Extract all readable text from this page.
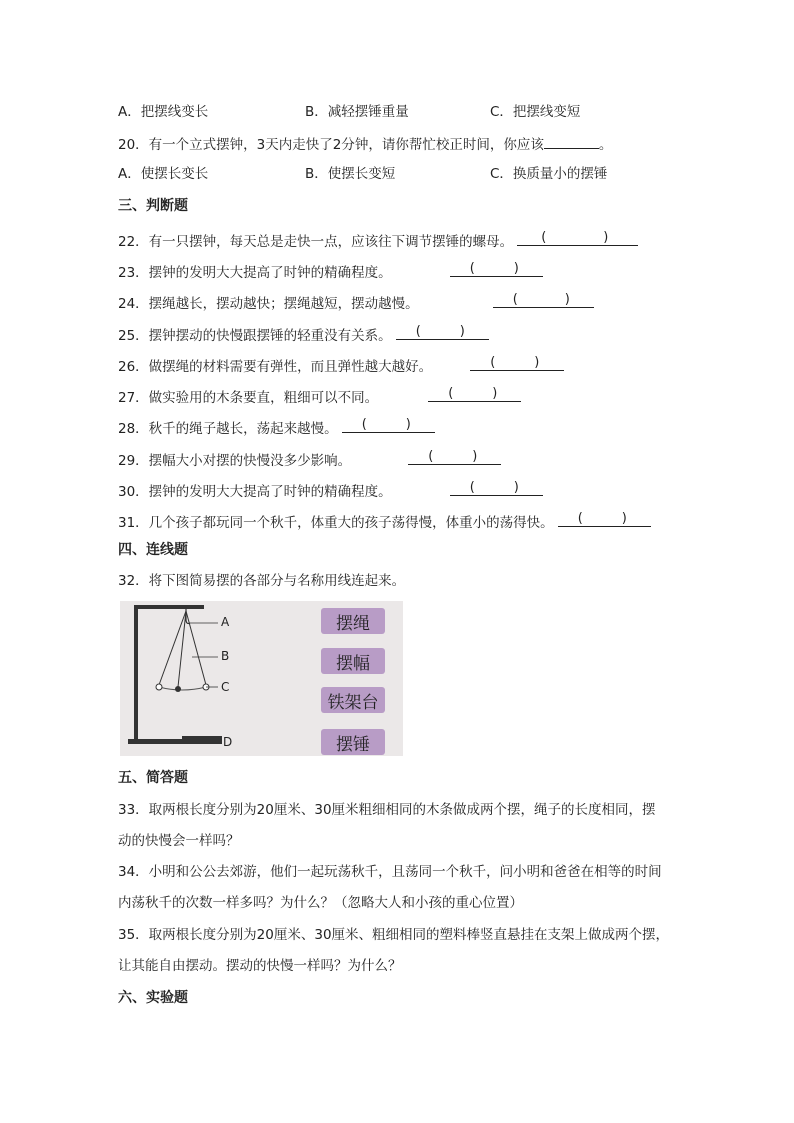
A．把摆线变长	B．减轻摆锤重量	C．把摆线变短
20．有一个立式摆钟，3天内走快了2分钟，请你帮忙校正时间，你应该	。
A．使摆长变长	B．使摆长变短	C．换质量小的摆锤
三、判断题
22．有一只摆钟，每天总是走快一点，应该往下调节摆锤的螺母。 (	)
23．摆钟的发明大大提高了时钟的精确程度。	(	)
24．摆绳越长，摆动越快；摆绳越短，摆动越慢。	(	)
25．摆钟摆动的快慢跟摆锤的轻重没有关系。 (	)
26．做摆绳的材料需要有弹性，而且弹性越大越好。	(	)
27．做实验用的木条要直，粗细可以不同。	(	)
28．秋千的绳子越长，荡起来越慢。 (	)
29．摆幅大小对摆的快慢没多少影响。	(	)
30．摆钟的发明大大提高了时钟的精确程度。	(	)
31．几个孩子都玩同一个秋千，体重大的孩子荡得慢，体重小的荡得快。 (	)
四、连线题
32．将下图简易摆的各部分与名称用线连起来。
A
B
C
D
摆绳
摆幅
铁架台
摆锤
五、简答题
33．取两根长度分别为20厘米、30厘米粗细相同的木条做成两个摆，绳子的长度相同，摆
动的快慢会一样吗？
34．小明和公公去郊游，他们一起玩荡秋千，且荡同一个秋千，问小明和爸爸在相等的时间
内荡秋千的次数一样多吗？为什么？（忽略大人和小孩的重心位置）
35．取两根长度分别为20厘米、30厘米、粗细相同的塑料棒竖直悬挂在支架上做成两个摆，
让其能自由摆动。摆动的快慢一样吗？为什么？
六、实验题
